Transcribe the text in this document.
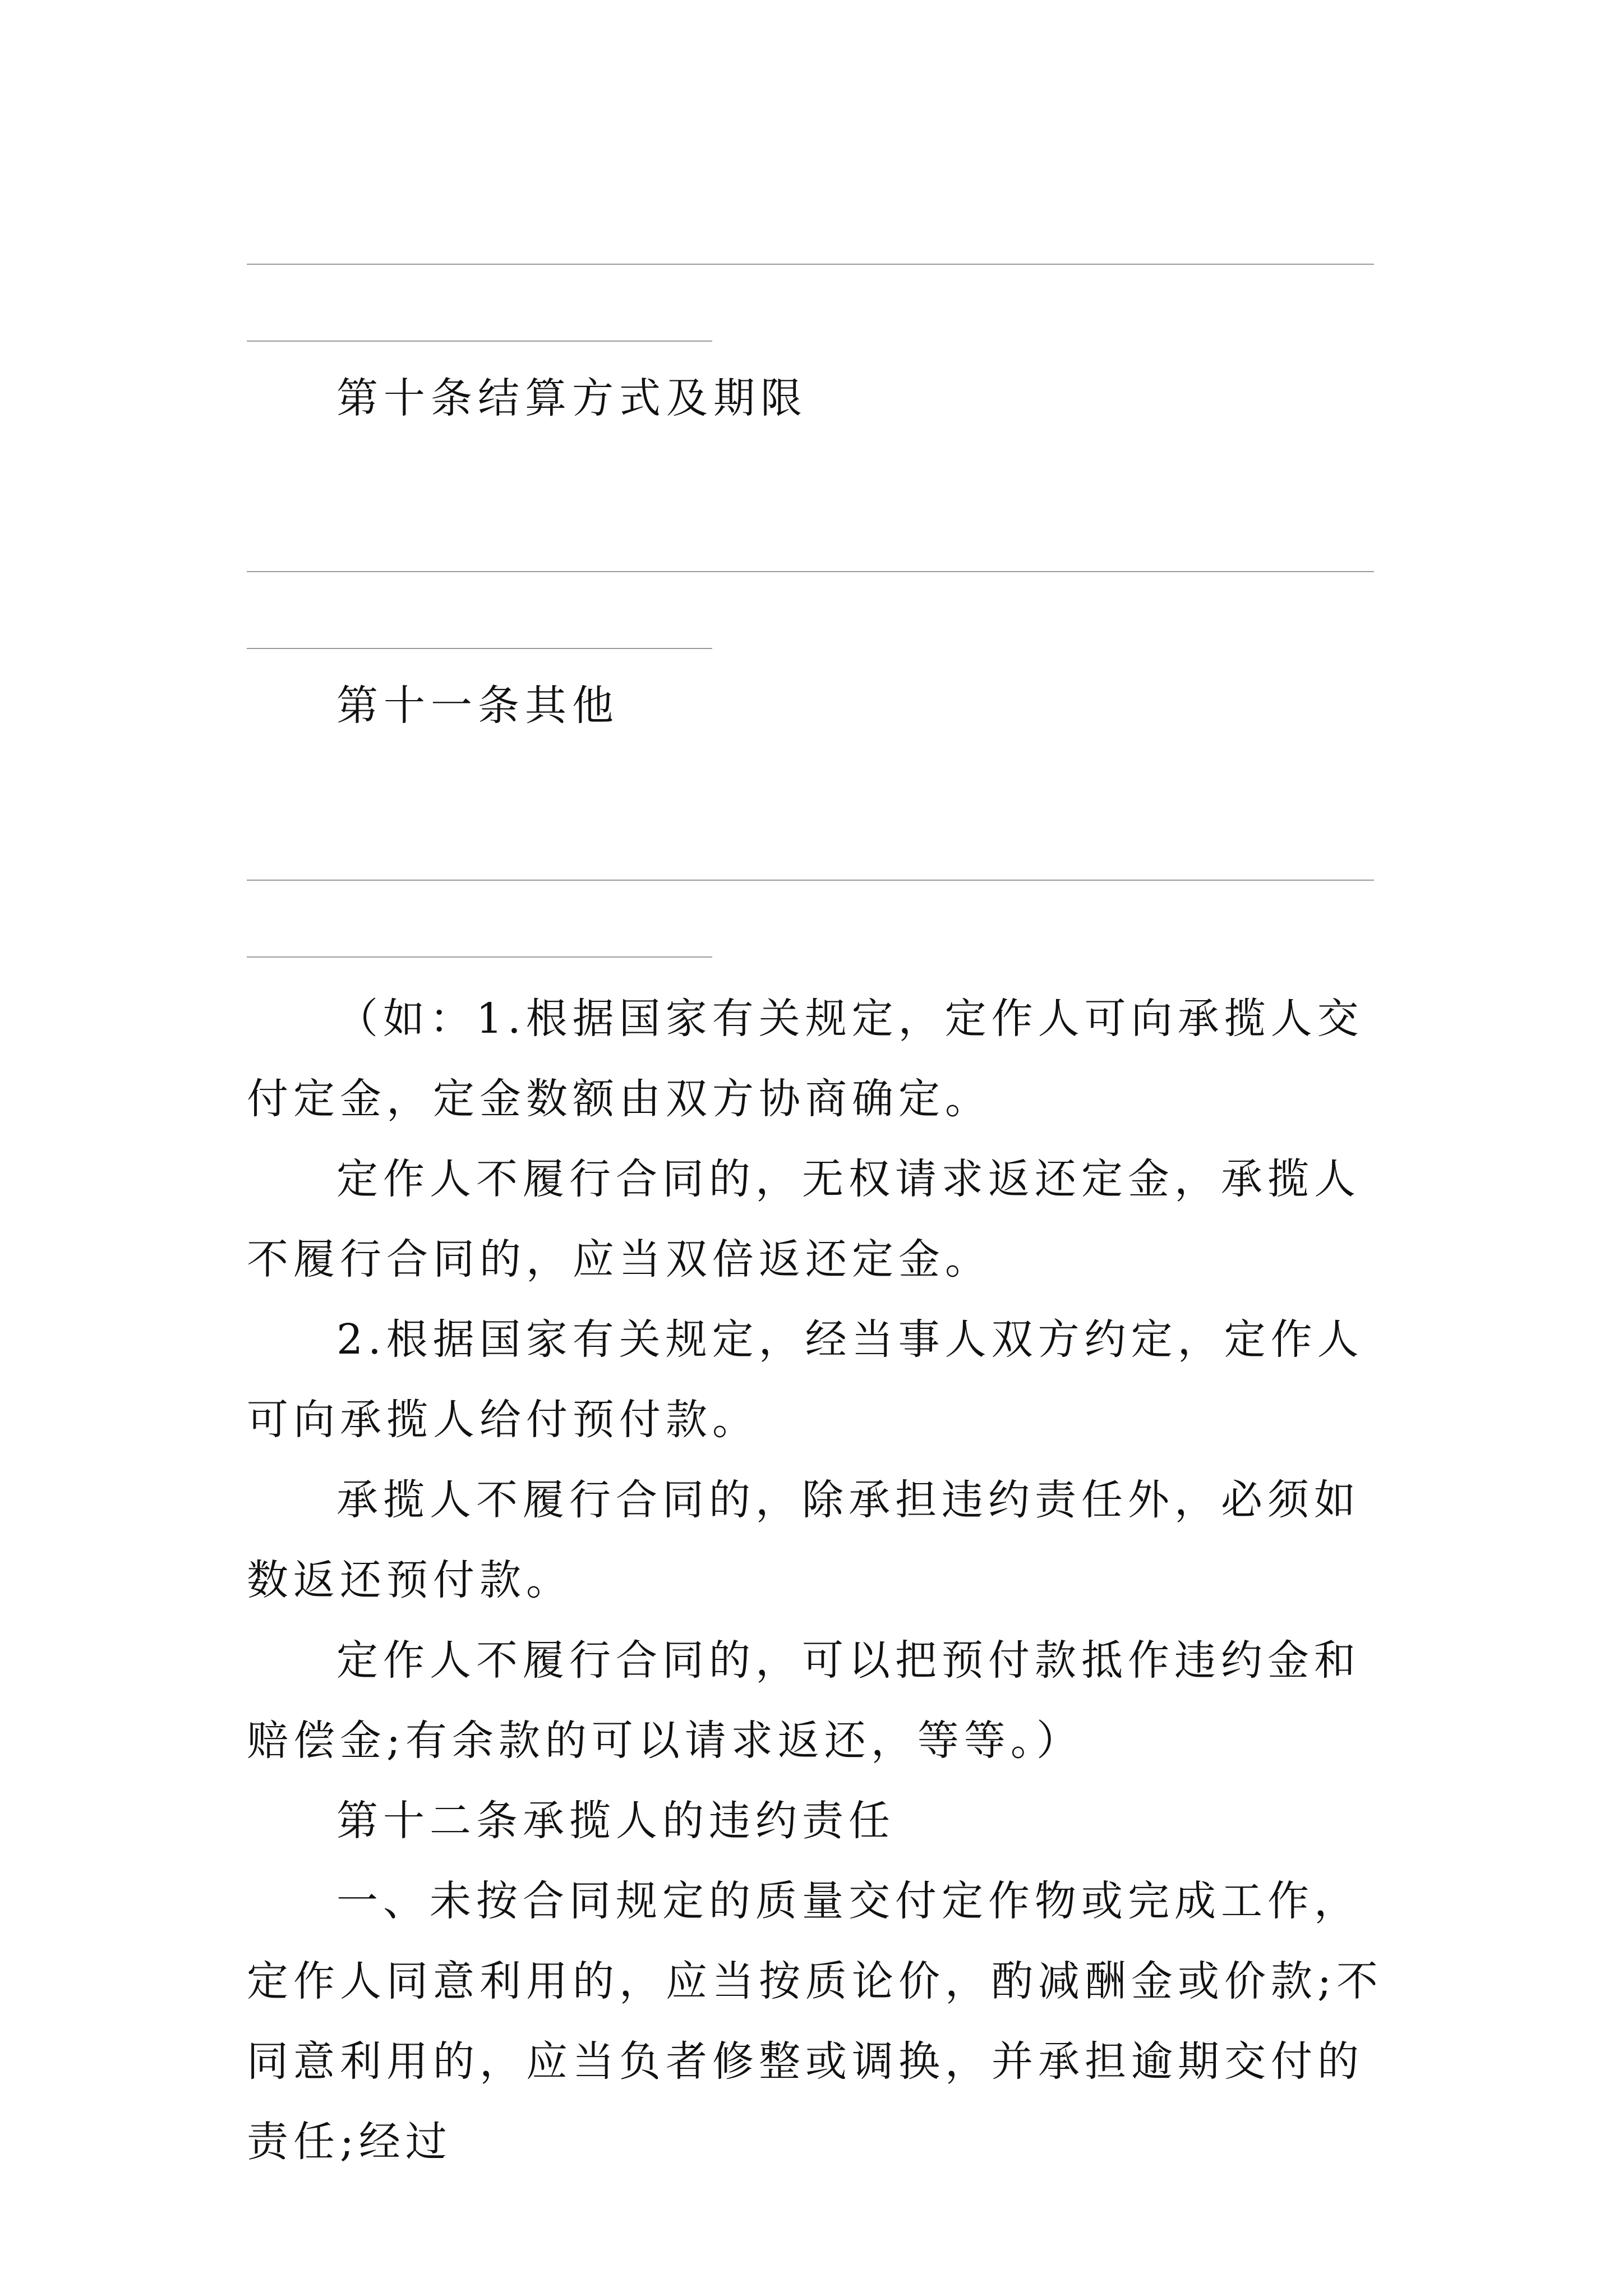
第十条结算方式及期限

第十一条其他

（如：1.根据国家有关规定，定作人可向承揽人交付定金，定金数额由双方协商确定。

定作人不履行合同的，无权请求返还定金，承揽人不履行合同的，应当双倍返还定金。

2.根据国家有关规定，经当事人双方约定，定作人可向承揽人给付预付款。

承揽人不履行合同的，除承担违约责任外，必须如数返还预付款。

定作人不履行合同的，可以把预付款抵作违约金和赔偿金;有余款的可以请求返还，等等。）

第十二条承揽人的违约责任

一、未按合同规定的质量交付定作物或完成工作，定作人同意利用的，应当按质论价，酌减酬金或价款;不同意利用的，应当负者修整或调换，并承担逾期交付的责任;经过
